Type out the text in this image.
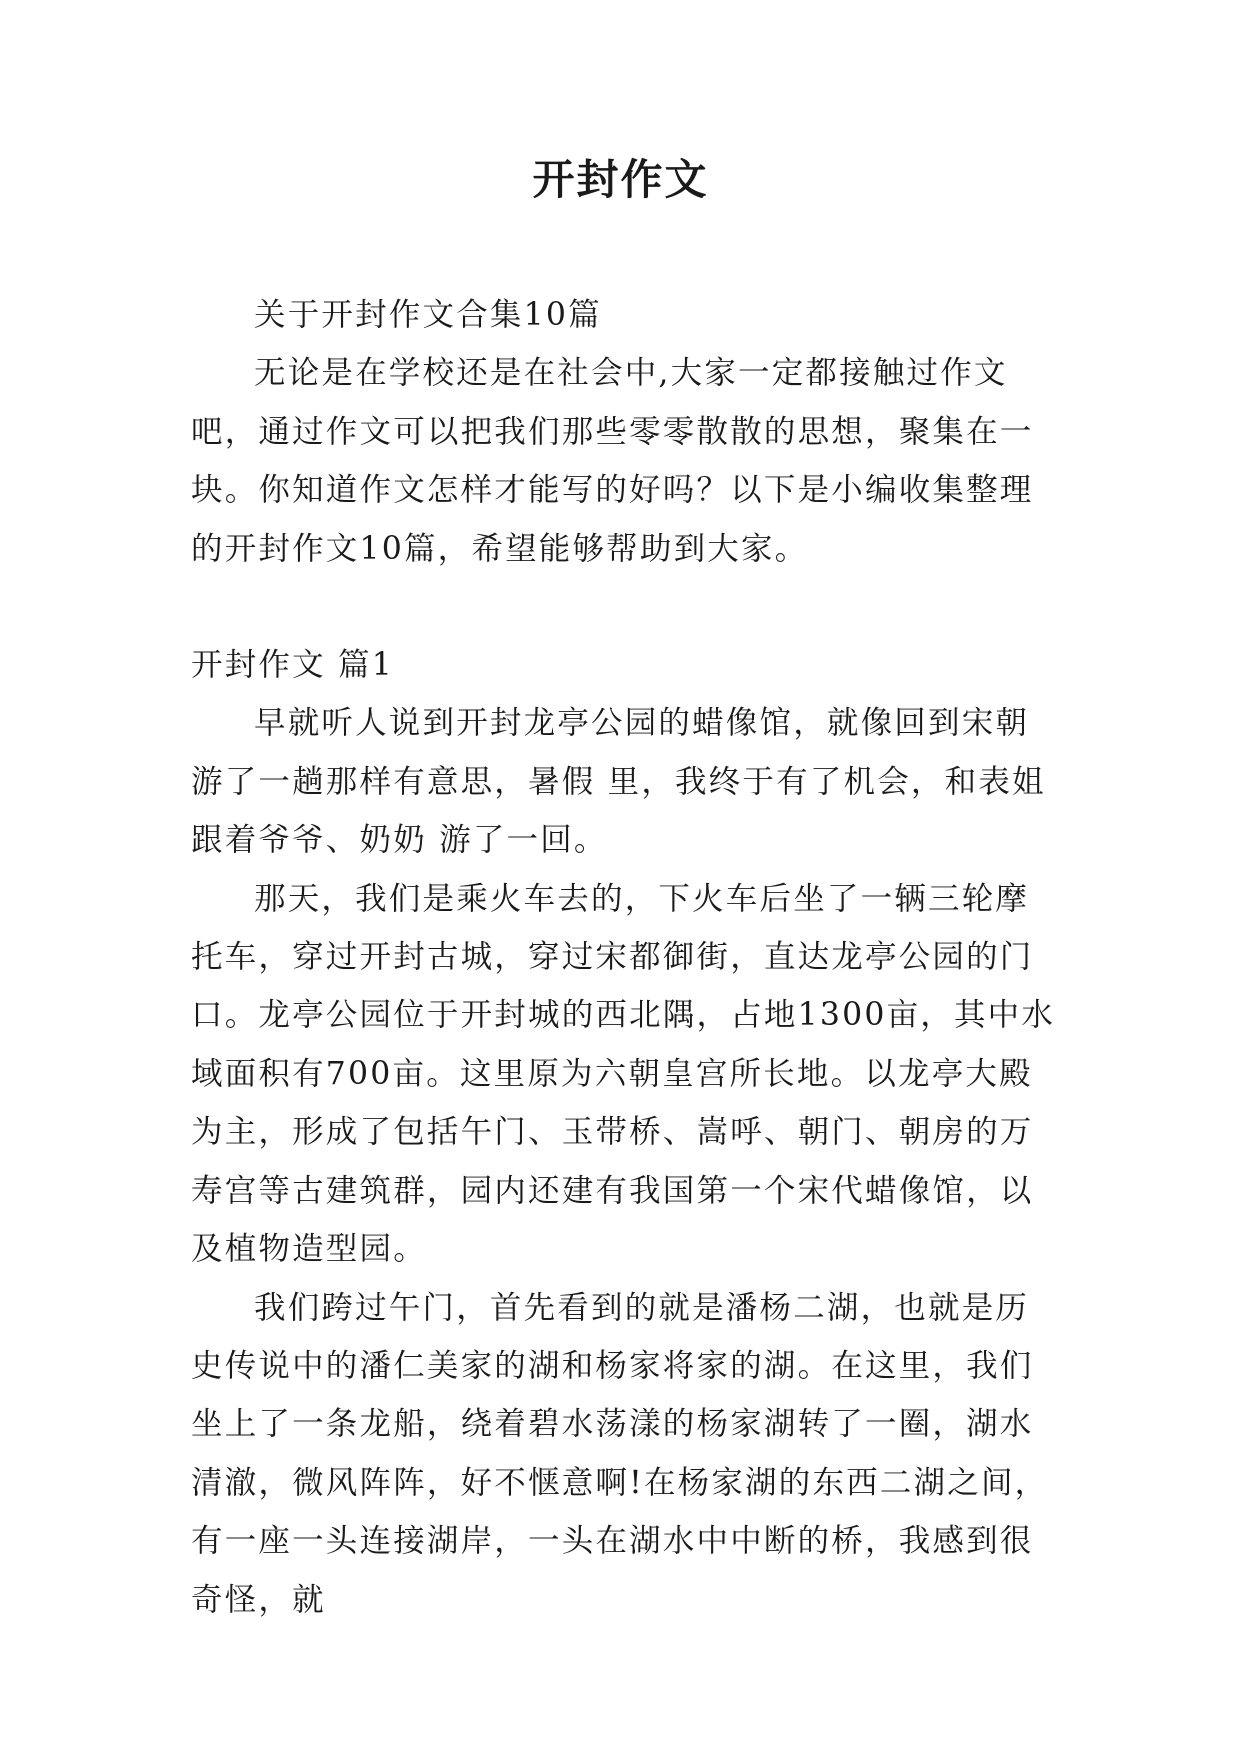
开封作文

关于开封作文合集10篇

无论是在学校还是在社会中,大家一定都接触过作文吧，通过作文可以把我们那些零零散散的思想，聚集在一块。你知道作文怎样才能写的好吗？以下是小编收集整理的开封作文10篇，希望能够帮助到大家。

开封作文 篇1

早就听人说到开封龙亭公园的蜡像馆，就像回到宋朝游了一趟那样有意思，暑假 里，我终于有了机会，和表姐跟着爷爷、奶奶 游了一回。

那天，我们是乘火车去的，下火车后坐了一辆三轮摩托车，穿过开封古城，穿过宋都御街，直达龙亭公园的门口。龙亭公园位于开封城的西北隅，占地1300亩，其中水域面积有700亩。这里原为六朝皇宫所长地。以龙亭大殿为主，形成了包括午门、玉带桥、嵩呼、朝门、朝房的万寿宫等古建筑群，园内还建有我国第一个宋代蜡像馆，以及植物造型园。

我们跨过午门，首先看到的就是潘杨二湖，也就是历史传说中的潘仁美家的湖和杨家将家的湖。在这里，我们坐上了一条龙船，绕着碧水荡漾的杨家湖转了一圈，湖水清澈，微风阵阵，好不惬意啊!在杨家湖的东西二湖之间，有一座一头连接湖岸，一头在湖水中中断的桥，我感到很奇怪，就
